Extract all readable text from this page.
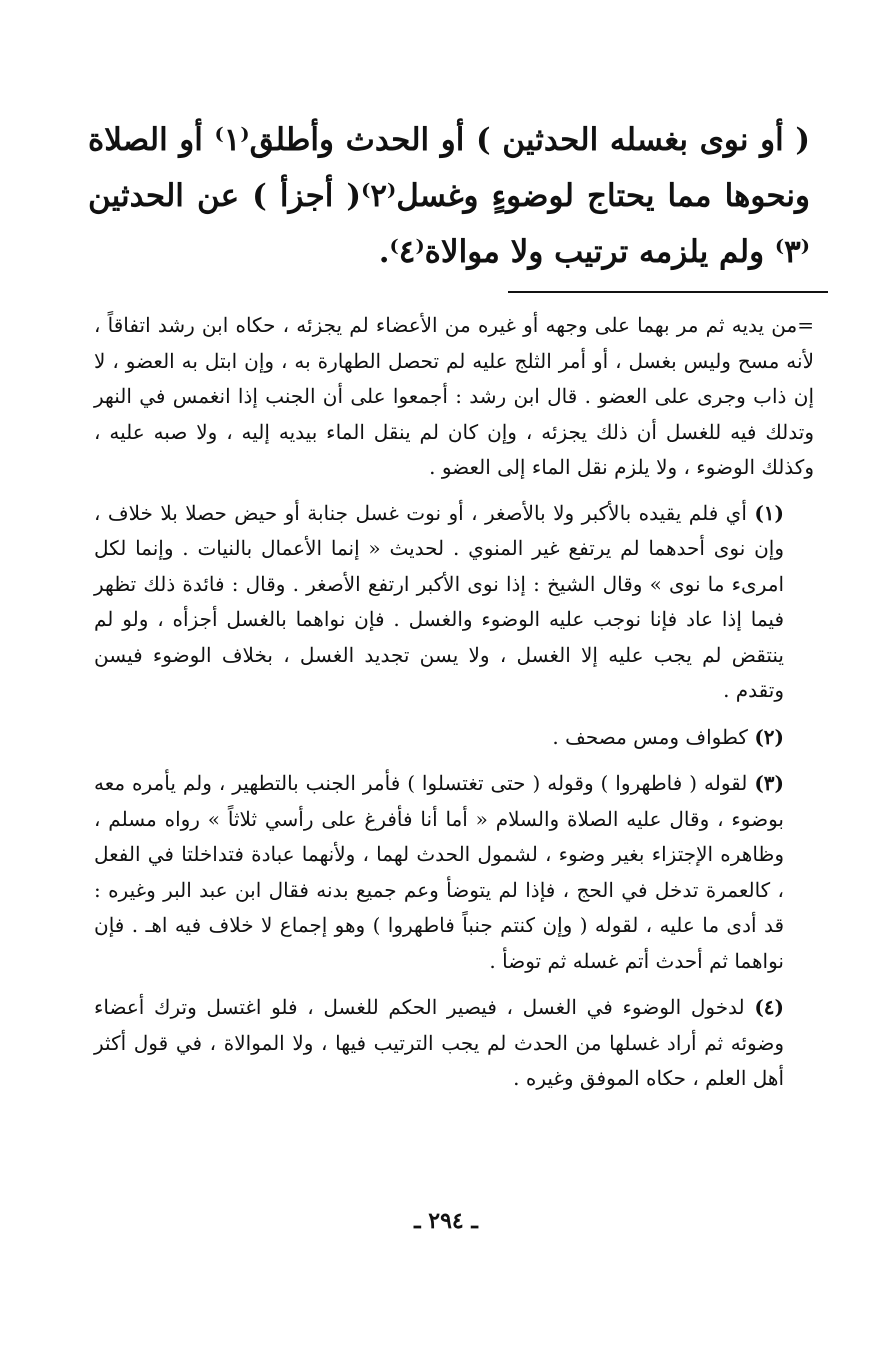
( أو نوى بغسله الحدثين ) أو الحدث وأطلق⁽١⁾ أو الصلاة ونحوها مما يحتاج لوضوءٍ وغسل⁽٢⁾( أجزأ ) عن الحدثين ⁽٣⁾ ولم يلزمه ترتيب ولا موالاة⁽٤⁾.

=من يديه ثم مر بهما على وجهه أو غيره من الأعضاء لم يجزئه ، حكاه ابن رشد اتفاقاً ، لأنه مسح وليس بغسل ، أو أمر الثلج عليه لم تحصل الطهارة به ، وإن ابتل به العضو ، لا إن ذاب وجرى على العضو . قال ابن رشد : أجمعوا على أن الجنب إذا انغمس في النهر وتدلك فيه للغسل أن ذلك يجزئه ، وإن كان لم ينقل الماء بيديه إليه ، ولا صبه عليه ، وكذلك الوضوء ، ولا يلزم نقل الماء إلى العضو .

(١) أي فلم يقيده بالأكبر ولا بالأصغر ، أو نوت غسل جنابة أو حيض حصلا بلا خلاف ، وإن نوى أحدهما لم يرتفع غير المنوي . لحديث « إنما الأعمال بالنيات . وإنما لكل امرىء ما نوى » وقال الشيخ : إذا نوى الأكبر ارتفع الأصغر . وقال : فائدة ذلك تظهر فيما إذا عاد فإنا نوجب عليه الوضوء والغسل . فإن نواهما بالغسل أجزأه ، ولو لم ينتقض لم يجب عليه إلا الغسل ، ولا يسن تجديد الغسل ، بخلاف الوضوء فيسن وتقدم .

(٢) كطواف ومس مصحف .

(٣) لقوله ( فاطهروا ) وقوله ( حتى تغتسلوا ) فأمر الجنب بالتطهير ، ولم يأمره معه بوضوء ، وقال عليه الصلاة والسلام « أما أنا فأفرغ على رأسي ثلاثاً » رواه مسلم ، وظاهره الإجتزاء بغير وضوء ، لشمول الحدث لهما ، ولأنهما عبادة فتداخلتا في الفعل ، كالعمرة تدخل في الحج ، فإذا لم يتوضأ وعم جميع بدنه فقال ابن عبد البر وغيره : قد أدى ما عليه ، لقوله ( وإن كنتم جنباً فاطهروا ) وهو إجماع لا خلاف فيه اهـ . فإن نواهما ثم أحدث أتم غسله ثم توضأ .

(٤) لدخول الوضوء في الغسل ، فيصير الحكم للغسل ، فلو اغتسل وترك أعضاء وضوئه ثم أراد غسلها من الحدث لم يجب الترتيب فيها ، ولا الموالاة ، في قول أكثر أهل العلم ، حكاه الموفق وغيره .

ـ ٢٩٤ ـ
